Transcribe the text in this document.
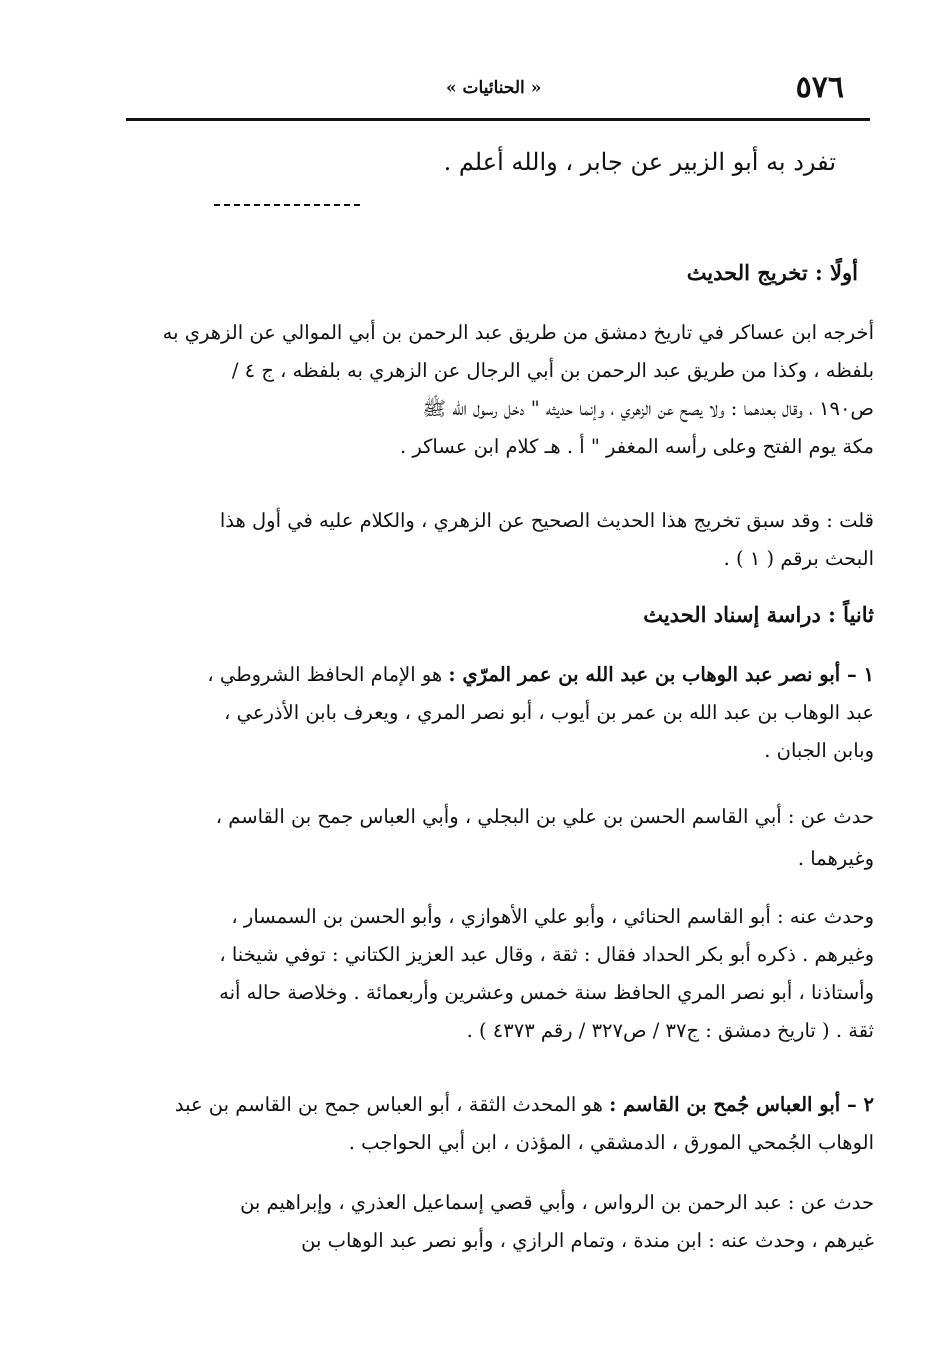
٥٧٦
« الحنائيات »
تفرد به أبو الزبير عن جابر ، والله أعلم .
أولًا : تخريج الحديث
أخرجه ابن عساكر في تاريخ دمشق من طريق عبد الرحمن بن أبي الموالي عن الزهري به
بلفظه ، وكذا من طريق عبد الرحمن بن أبي الرجال عن الزهري به بلفظه ، ج ٤ /
ص١٩٠ ، وقال بعدهما : ولا يصح عن الزهري ، وإنما حديثه " دخل رسول الله ﷺ
مكة يوم الفتح وعلى رأسه المغفر " أ . هـ كلام ابن عساكر .
قلت : وقد سبق تخريج هذا الحديث الصحيح عن الزهري ، والكلام عليه في أول هذا
البحث برقم ( ١ ) .
ثانياً : دراسة إسناد الحديث
١ – أبو نصر عبد الوهاب بن عبد الله بن عمر المرّي : هو الإمام الحافظ الشروطي ،
عبد الوهاب بن عبد الله بن عمر بن أيوب ، أبو نصر المري ، ويعرف بابن الأذرعي ،
وبابن الجبان .
حدث عن : أبي القاسم الحسن بن علي بن البجلي ، وأبي العباس جمح بن القاسم ،
وغيرهما .
وحدث عنه : أبو القاسم الحنائي ، وأبو علي الأهوازي ، وأبو الحسن بن السمسار ،
وغيرهم . ذكره أبو بكر الحداد فقال : ثقة ، وقال عبد العزيز الكتاني : توفي شيخنا ،
وأستاذنا ، أبو نصر المري الحافظ سنة خمس وعشرين وأربعمائة . وخلاصة حاله أنه
ثقة . ( تاريخ دمشق : ج٣٧ / ص٣٢٧ / رقم ٤٣٧٣ ) .
٢ – أبو العباس جُمح بن القاسم : هو المحدث الثقة ، أبو العباس جمح بن القاسم بن عبد
الوهاب الجُمحي المورق ، الدمشقي ، المؤذن ، ابن أبي الحواجب .
حدث عن : عبد الرحمن بن الرواس ، وأبي قصي إسماعيل العذري ، وإبراهيم بن
غيرهم ، وحدث عنه : ابن مندة ، وتمام الرازي ، وأبو نصر عبد الوهاب بن
